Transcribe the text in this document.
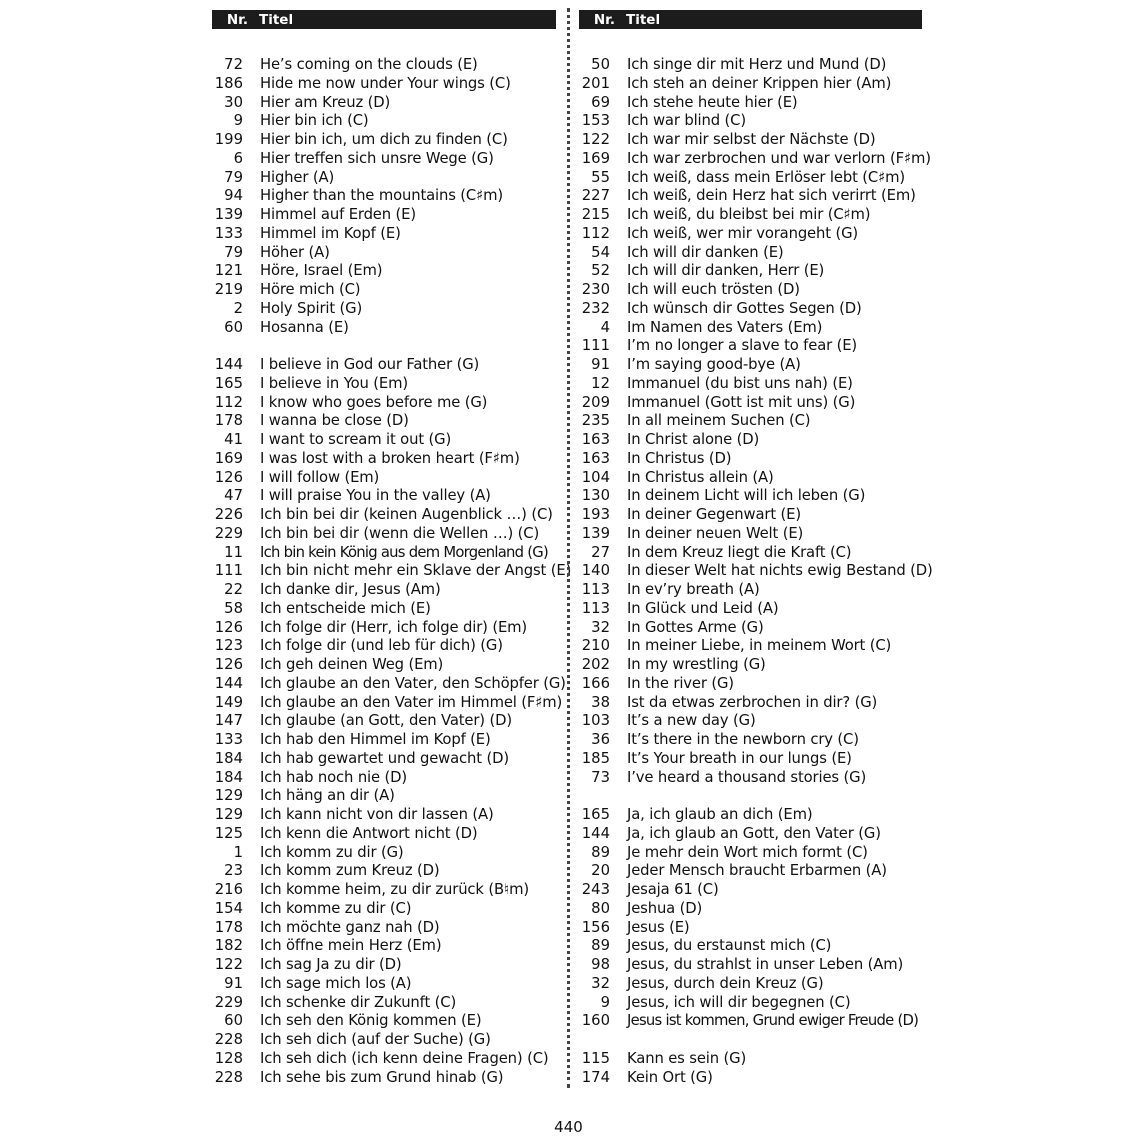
Nr. Titel
72 He’s coming on the clouds (E)
186 Hide me now under Your wings (C)
30 Hier am Kreuz (D)
9 Hier bin ich (C)
199 Hier bin ich, um dich zu finden (C)
6 Hier treffen sich unsre Wege (G)
79 Higher (A)
94 Higher than the mountains (C♯m)
139 Himmel auf Erden (E)
133 Himmel im Kopf (E)
79 Höher (A)
121 Höre, Israel (Em)
219 Höre mich (C)
2 Holy Spirit (G)
60 Hosanna (E)
144 I believe in God our Father (G)
165 I believe in You (Em)
112 I know who goes before me (G)
178 I wanna be close (D)
41 I want to scream it out (G)
169 I was lost with a broken heart (F♯m)
126 I will follow (Em)
47 I will praise You in the valley (A)
226 Ich bin bei dir (keinen Augenblick …) (C)
229 Ich bin bei dir (wenn die Wellen …) (C)
11 Ich bin kein König aus dem Morgenland (G)
111 Ich bin nicht mehr ein Sklave der Angst (E)
22 Ich danke dir, Jesus (Am)
58 Ich entscheide mich (E)
126 Ich folge dir (Herr, ich folge dir) (Em)
123 Ich folge dir (und leb für dich) (G)
126 Ich geh deinen Weg (Em)
144 Ich glaube an den Vater, den Schöpfer (G)
149 Ich glaube an den Vater im Himmel (F♯m)
147 Ich glaube (an Gott, den Vater) (D)
133 Ich hab den Himmel im Kopf (E)
184 Ich hab gewartet und gewacht (D)
184 Ich hab noch nie (D)
129 Ich häng an dir (A)
129 Ich kann nicht von dir lassen (A)
125 Ich kenn die Antwort nicht (D)
1 Ich komm zu dir (G)
23 Ich komm zum Kreuz (D)
216 Ich komme heim, zu dir zurück (B♮m)
154 Ich komme zu dir (C)
178 Ich möchte ganz nah (D)
182 Ich öffne mein Herz (Em)
122 Ich sag Ja zu dir (D)
91 Ich sage mich los (A)
229 Ich schenke dir Zukunft (C)
60 Ich seh den König kommen (E)
228 Ich seh dich (auf der Suche) (G)
128 Ich seh dich (ich kenn deine Fragen) (C)
228 Ich sehe bis zum Grund hinab (G)
Nr. Titel
50 Ich singe dir mit Herz und Mund (D)
201 Ich steh an deiner Krippen hier (Am)
69 Ich stehe heute hier (E)
153 Ich war blind (C)
122 Ich war mir selbst der Nächste (D)
169 Ich war zerbrochen und war verlorn (F♯m)
55 Ich weiß, dass mein Erlöser lebt (C♯m)
227 Ich weiß, dein Herz hat sich verirrt (Em)
215 Ich weiß, du bleibst bei mir (C♯m)
112 Ich weiß, wer mir vorangeht (G)
54 Ich will dir danken (E)
52 Ich will dir danken, Herr (E)
230 Ich will euch trösten (D)
232 Ich wünsch dir Gottes Segen (D)
4 Im Namen des Vaters (Em)
111 I’m no longer a slave to fear (E)
91 I’m saying good-bye (A)
12 Immanuel (du bist uns nah) (E)
209 Immanuel (Gott ist mit uns) (G)
235 In all meinem Suchen (C)
163 In Christ alone (D)
163 In Christus (D)
104 In Christus allein (A)
130 In deinem Licht will ich leben (G)
193 In deiner Gegenwart (E)
139 In deiner neuen Welt (E)
27 In dem Kreuz liegt die Kraft (C)
140 In dieser Welt hat nichts ewig Bestand (D)
113 In ev’ry breath (A)
113 In Glück und Leid (A)
32 In Gottes Arme (G)
210 In meiner Liebe, in meinem Wort (C)
202 In my wrestling (G)
166 In the river (G)
38 Ist da etwas zerbrochen in dir? (G)
103 It’s a new day (G)
36 It’s there in the newborn cry (C)
185 It’s Your breath in our lungs (E)
73 I’ve heard a thousand stories (G)
165 Ja, ich glaub an dich (Em)
144 Ja, ich glaub an Gott, den Vater (G)
89 Je mehr dein Wort mich formt (C)
20 Jeder Mensch braucht Erbarmen (A)
243 Jesaja 61 (C)
80 Jeshua (D)
156 Jesus (E)
89 Jesus, du erstaunst mich (C)
98 Jesus, du strahlst in unser Leben (Am)
32 Jesus, durch dein Kreuz (G)
9 Jesus, ich will dir begegnen (C)
160 Jesus ist kommen, Grund ewiger Freude (D)
115 Kann es sein (G)
174 Kein Ort (G)
440
